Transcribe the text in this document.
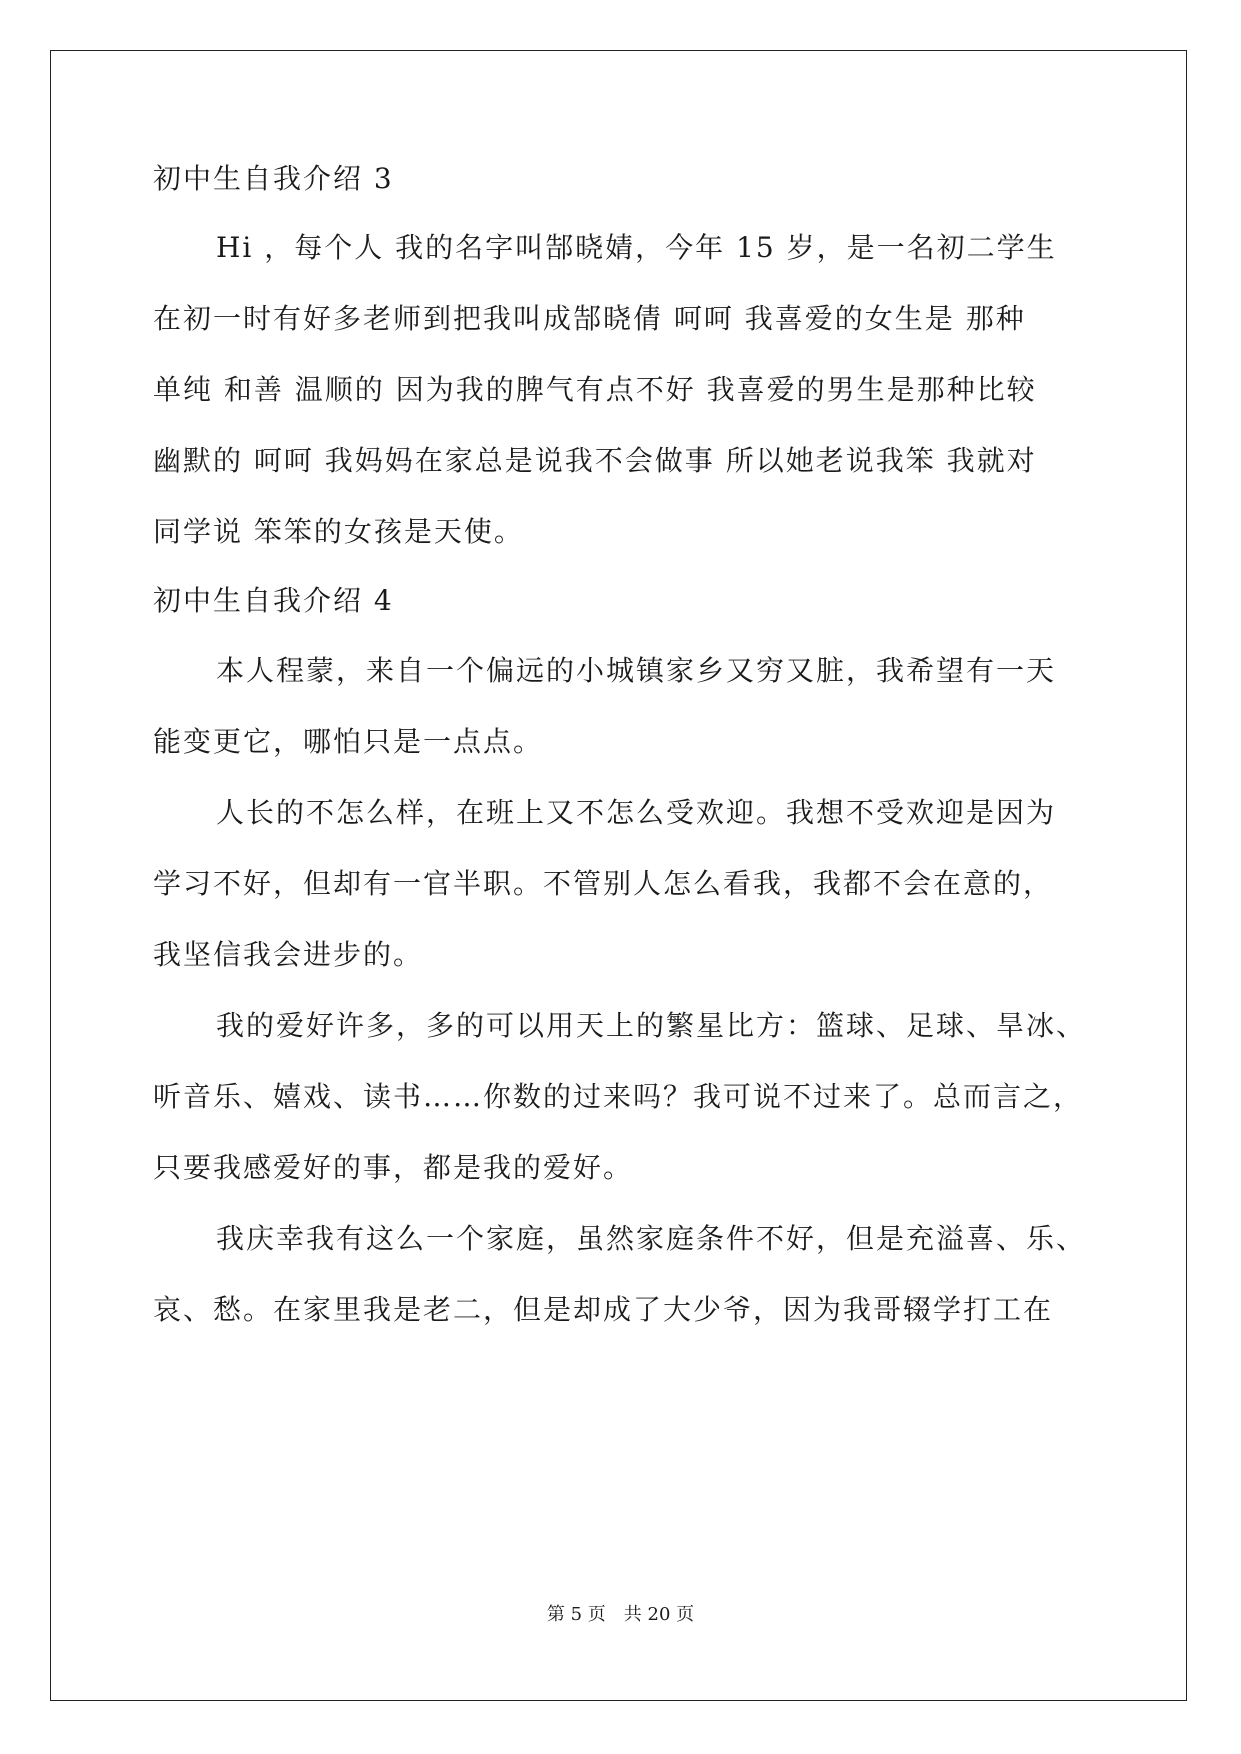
初中生自我介绍 3
Hi ，每个人 我的名字叫郜晓婧，今年 15 岁，是一名初二学生
在初一时有好多老师到把我叫成郜晓倩 呵呵 我喜爱的女生是 那种
单纯 和善 温顺的 因为我的脾气有点不好 我喜爱的男生是那种比较
幽默的 呵呵 我妈妈在家总是说我不会做事 所以她老说我笨 我就对
同学说 笨笨的女孩是天使。
初中生自我介绍 4
本人程蒙，来自一个偏远的小城镇家乡又穷又脏，我希望有一天
能变更它，哪怕只是一点点。
人长的不怎么样，在班上又不怎么受欢迎。我想不受欢迎是因为
学习不好，但却有一官半职。不管别人怎么看我，我都不会在意的，
我坚信我会进步的。
我的爱好许多，多的可以用天上的繁星比方：篮球、足球、旱冰、
听音乐、嬉戏、读书……你数的过来吗？我可说不过来了。总而言之，
只要我感爱好的事，都是我的爱好。
我庆幸我有这么一个家庭，虽然家庭条件不好，但是充溢喜、乐、
哀、愁。在家里我是老二，但是却成了大少爷，因为我哥辍学打工在
第 5 页　共 20 页
